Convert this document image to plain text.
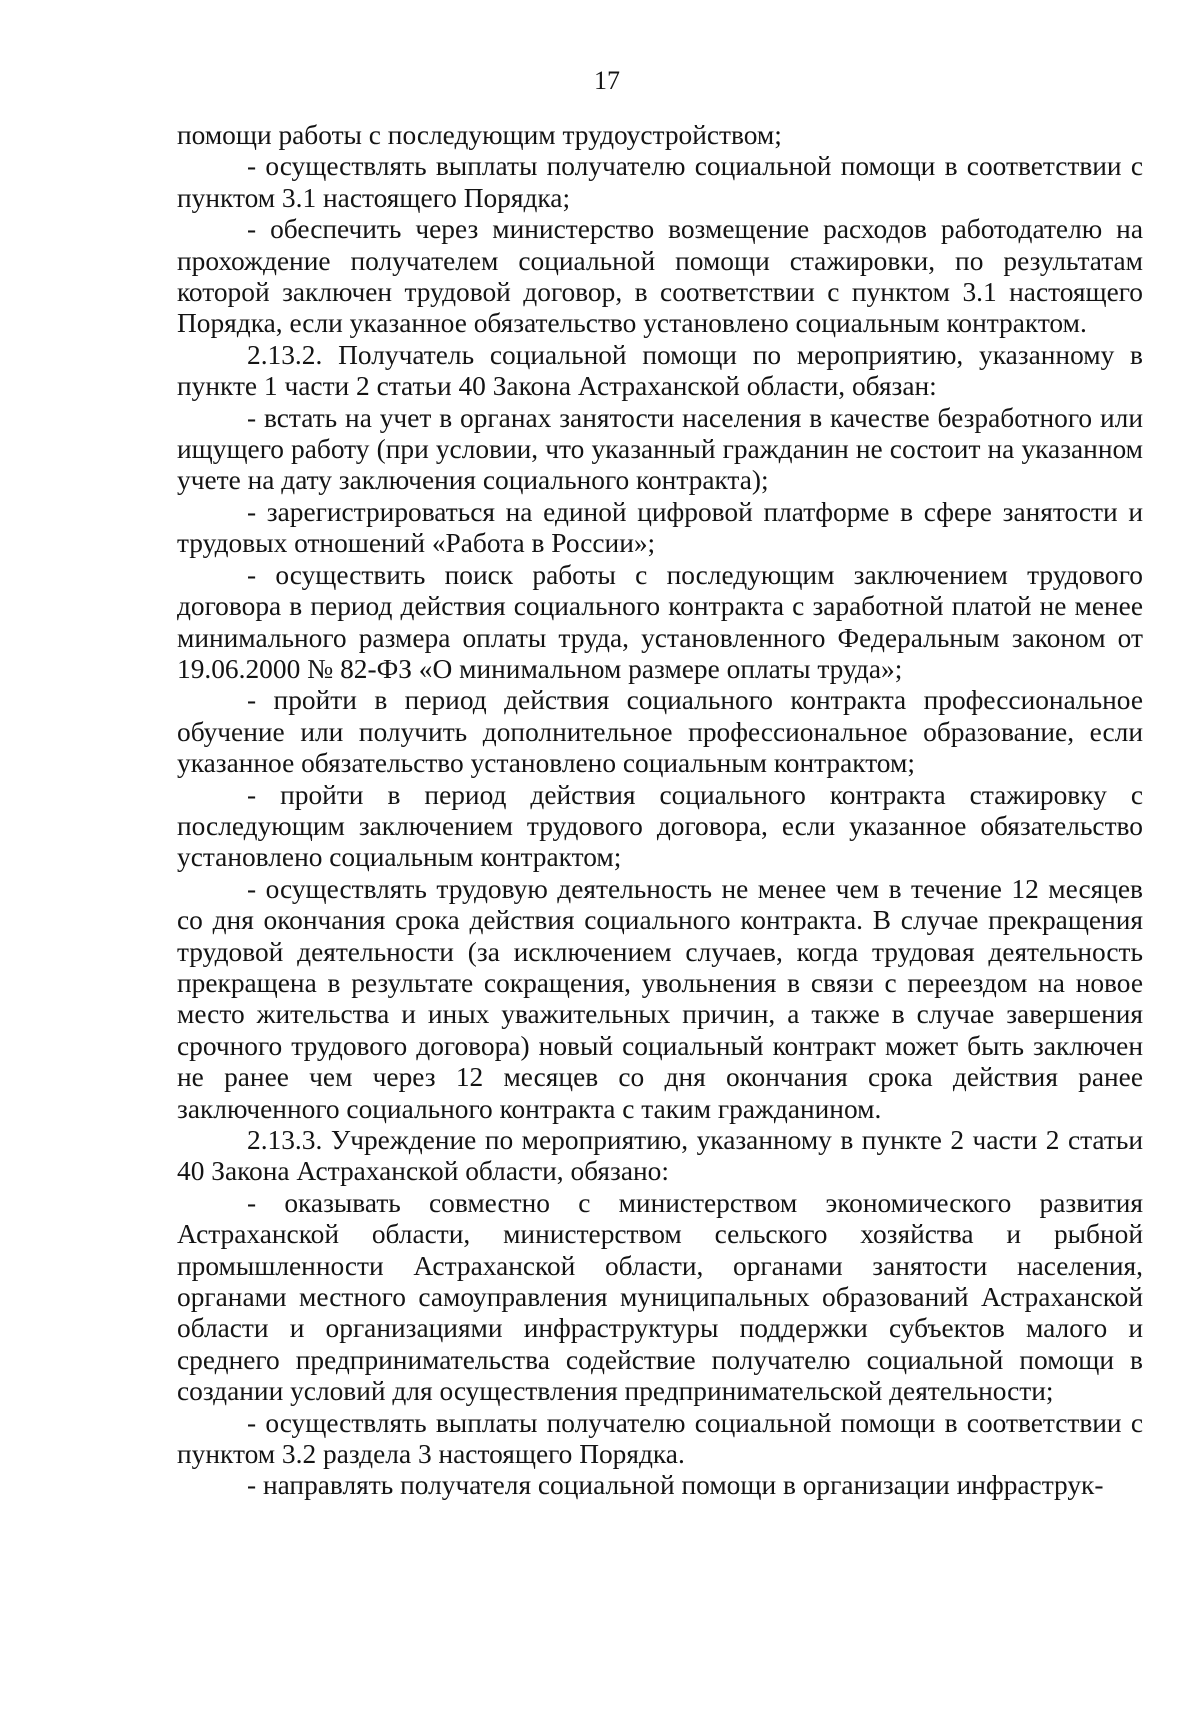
17

помощи работы с последующим трудоустройством;

- осуществлять выплаты получателю социальной помощи в соответствии с пунктом 3.1 настоящего Порядка;

- обеспечить через министерство возмещение расходов работодателю на прохождение получателем социальной помощи стажировки, по результатам которой заключен трудовой договор, в соответствии с пунктом 3.1 настоящего Порядка, если указанное обязательство установлено социальным контрактом.

2.13.2. Получатель социальной помощи по мероприятию, указанному в пункте 1 части 2 статьи 40 Закона Астраханской области, обязан:

- встать на учет в органах занятости населения в качестве безработного или ищущего работу (при условии, что указанный гражданин не состоит на указанном учете на дату заключения социального контракта);

- зарегистрироваться на единой цифровой платформе в сфере занятости и трудовых отношений «Работа в России»;

- осуществить поиск работы с последующим заключением трудового договора в период действия социального контракта с заработной платой не менее минимального размера оплаты труда, установленного Федеральным законом от 19.06.2000 № 82-ФЗ «О минимальном размере оплаты труда»;

- пройти в период действия социального контракта профессиональное обучение или получить дополнительное профессиональное образование, если указанное обязательство установлено социальным контрактом;

- пройти в период действия социального контракта стажировку с последующим заключением трудового договора, если указанное обязательство установлено социальным контрактом;

- осуществлять трудовую деятельность не менее чем в течение 12 месяцев со дня окончания срока действия социального контракта. В случае прекращения трудовой деятельности (за исключением случаев, когда трудовая деятельность прекращена в результате сокращения, увольнения в связи с переездом на новое место жительства и иных уважительных причин, а также в случае завершения срочного трудового договора) новый социальный контракт может быть заключен не ранее чем через 12 месяцев со дня окончания срока действия ранее заключенного социального контракта с таким гражданином.

2.13.3. Учреждение по мероприятию, указанному в пункте 2 части 2 статьи 40 Закона Астраханской области, обязано:

- оказывать совместно с министерством экономического развития Астраханской области, министерством сельского хозяйства и рыбной промышленности Астраханской области, органами занятости населения, органами местного самоуправления муниципальных образований Астраханской области и организациями инфраструктуры поддержки субъектов малого и среднего предпринимательства содействие получателю социальной помощи в создании условий для осуществления предпринимательской деятельности;

- осуществлять выплаты получателю социальной помощи в соответствии с пунктом 3.2 раздела 3 настоящего Порядка.

- направлять получателя социальной помощи в организации инфраструк-
